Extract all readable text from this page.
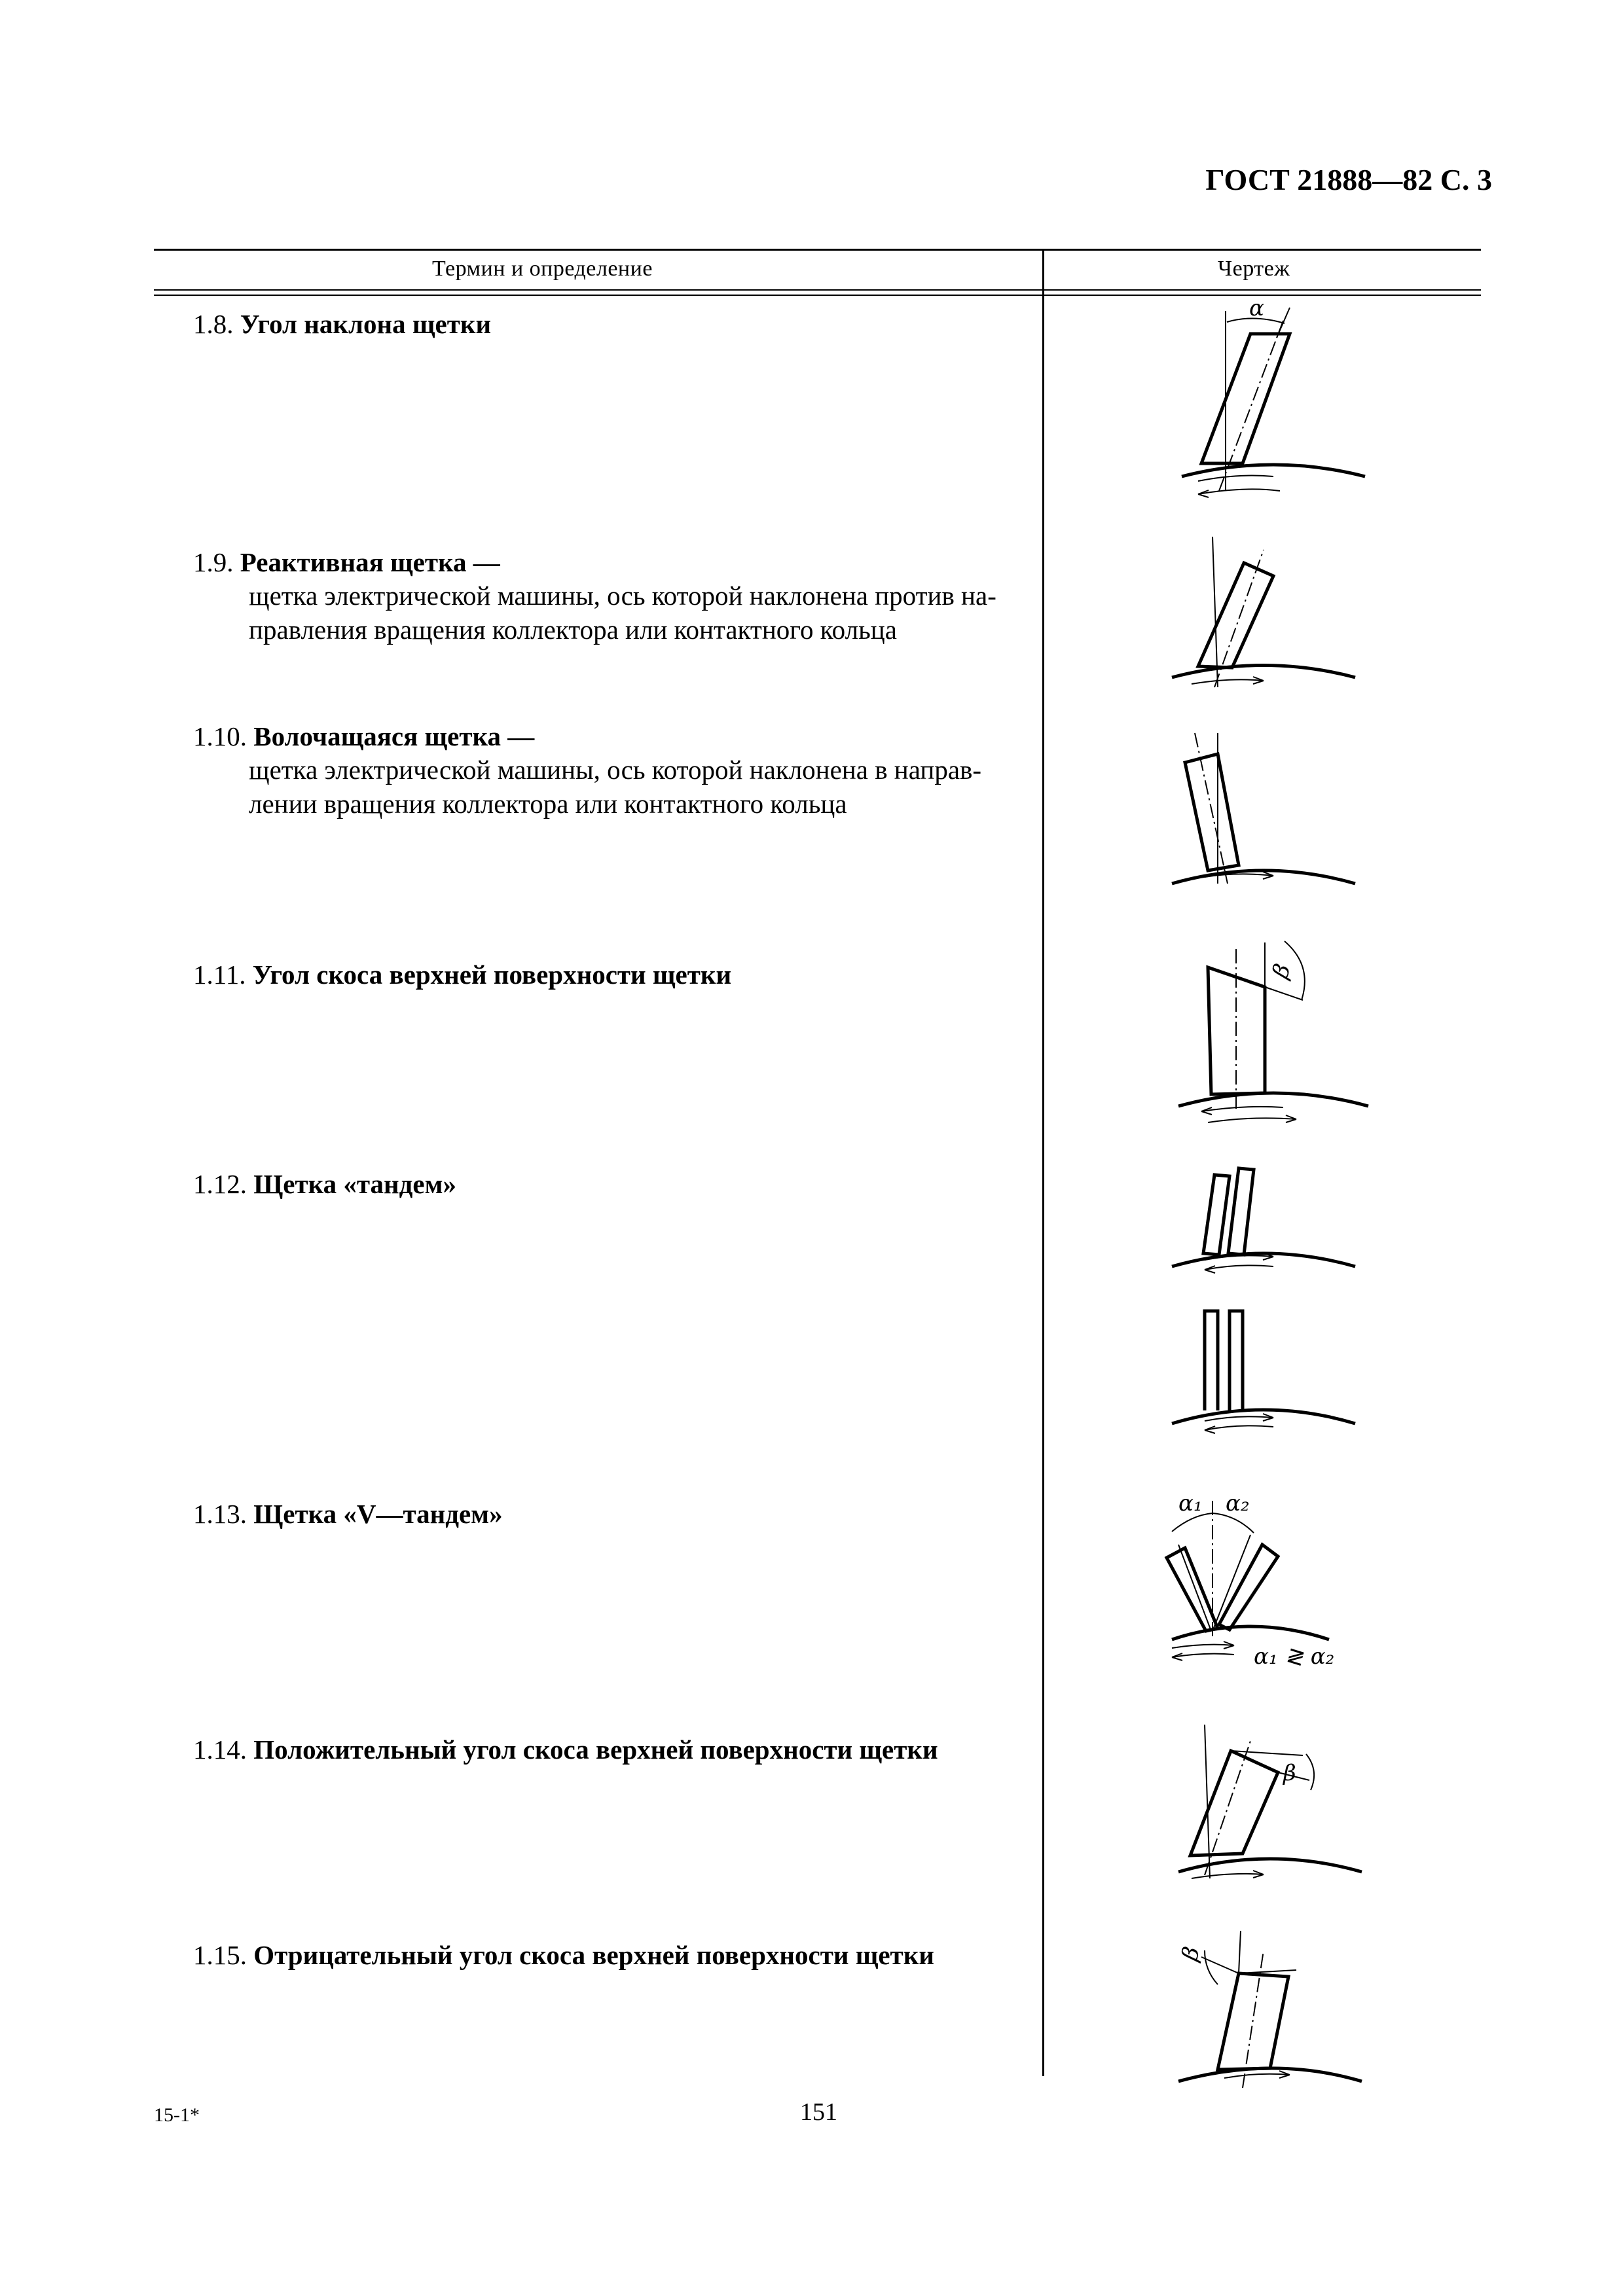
ГОСТ 21888—82 С. 3
Термин и определение	Чертеж
1.8. Угол наклона щетки
1.9. Реактивная щетка —
щетка электрической машины, ось которой наклонена против на-
правления вращения коллектора или контактного кольца
1.10. Волочащаяся щетка —
щетка электрической машины, ось которой наклонена в направ-
лении вращения коллектора или контактного кольца
1.11. Угол скоса верхней поверхности щетки
1.12. Щетка «тандем»
1.13. Щетка «V—тандем»
1.14. Положительный угол скоса верхней поверхности щетки
1.15. Отрицательный угол скоса верхней поверхности щетки
α
β
α₁ α₂
α₁ ≷ α₂
β
β
15-1*	151
